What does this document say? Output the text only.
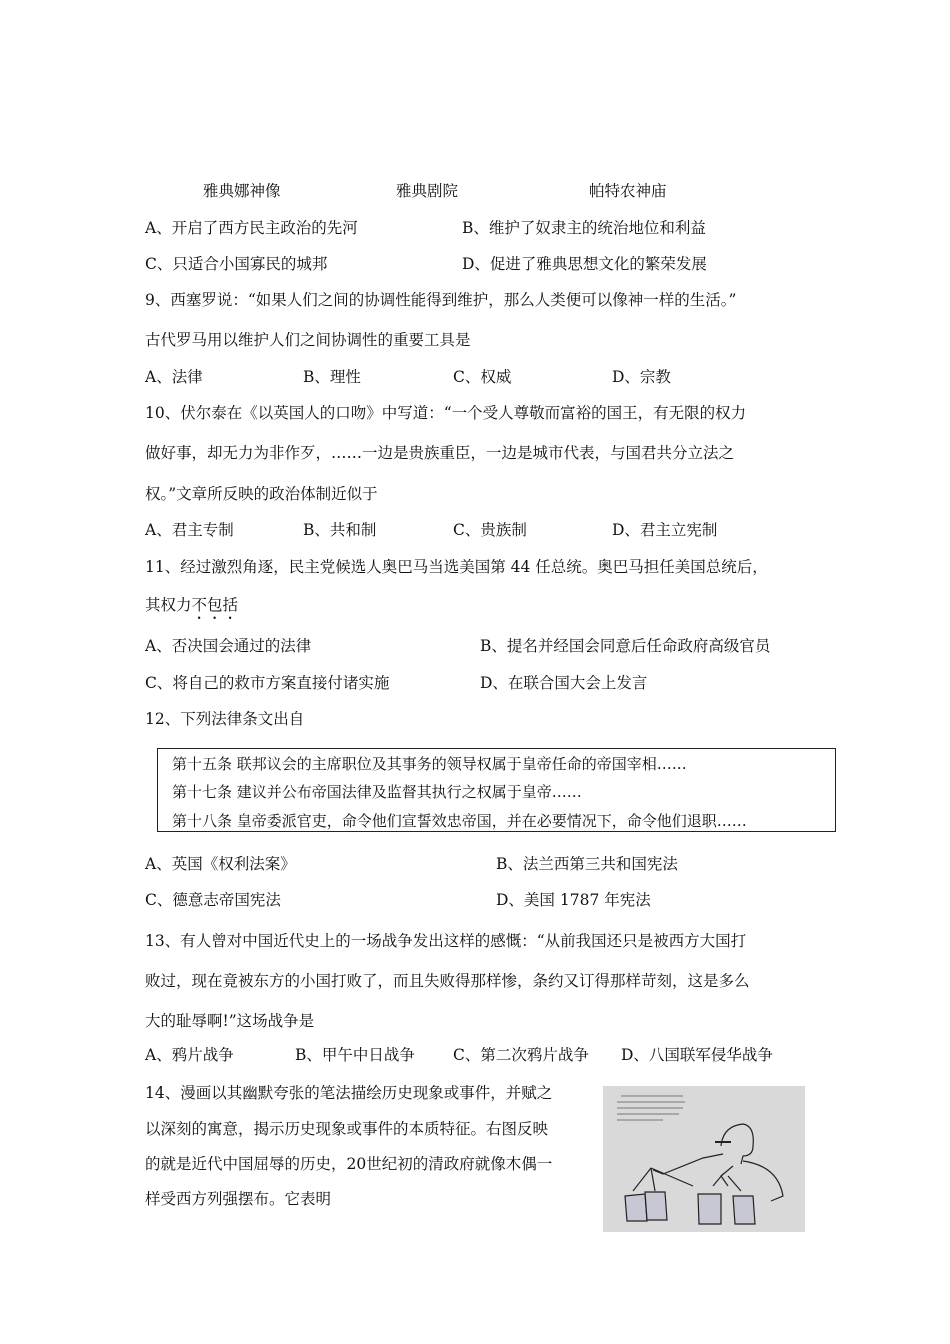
雅典娜神像	雅典剧院	帕特农神庙
A、开启了西方民主政治的先河	B、维护了奴隶主的统治地位和利益
C、只适合小国寡民的城邦	D、促进了雅典思想文化的繁荣发展
9、西塞罗说：“如果人们之间的协调性能得到维护，那么人类便可以像神一样的生活。”
古代罗马用以维护人们之间协调性的重要工具是
A、法律	B、理性	C、权威	D、宗教
10、伏尔泰在《以英国人的口吻》中写道：“一个受人尊敬而富裕的国王，有无限的权力
做好事，却无力为非作歹，……一边是贵族重臣，一边是城市代表，与国君共分立法之
权。”文章所反映的政治体制近似于
A、君主专制	B、共和制	C、贵族制	D、君主立宪制
11、经过激烈角逐，民主党候选人奥巴马当选美国第 44 任总统。奥巴马担任美国总统后，
其权力不包括
A、否决国会通过的法律	B、提名并经国会同意后任命政府高级官员
C、将自己的救市方案直接付诸实施	D、在联合国大会上发言
12、下列法律条文出自
第十五条 联邦议会的主席职位及其事务的领导权属于皇帝任命的帝国宰相……
第十七条 建议并公布帝国法律及监督其执行之权属于皇帝……
第十八条 皇帝委派官吏，命令他们宣誓效忠帝国，并在必要情况下，命令他们退职……
A、英国《权利法案》	B、法兰西第三共和国宪法
C、德意志帝国宪法	D、美国 1787 年宪法
13、有人曾对中国近代史上的一场战争发出这样的感慨：“从前我国还只是被西方大国打
败过，现在竟被东方的小国打败了，而且失败得那样惨，条约又订得那样苛刻，这是多么
大的耻辱啊!”这场战争是
A、鸦片战争	B、甲午中日战争 C、第二次鸦片战争 D、八国联军侵华战争
14、漫画以其幽默夸张的笔法描绘历史现象或事件，并赋之
以深刻的寓意，揭示历史现象或事件的本质特征。右图反映
的就是近代中国屈辱的历史，20世纪初的清政府就像木偶一
样受西方列强摆布。它表明
